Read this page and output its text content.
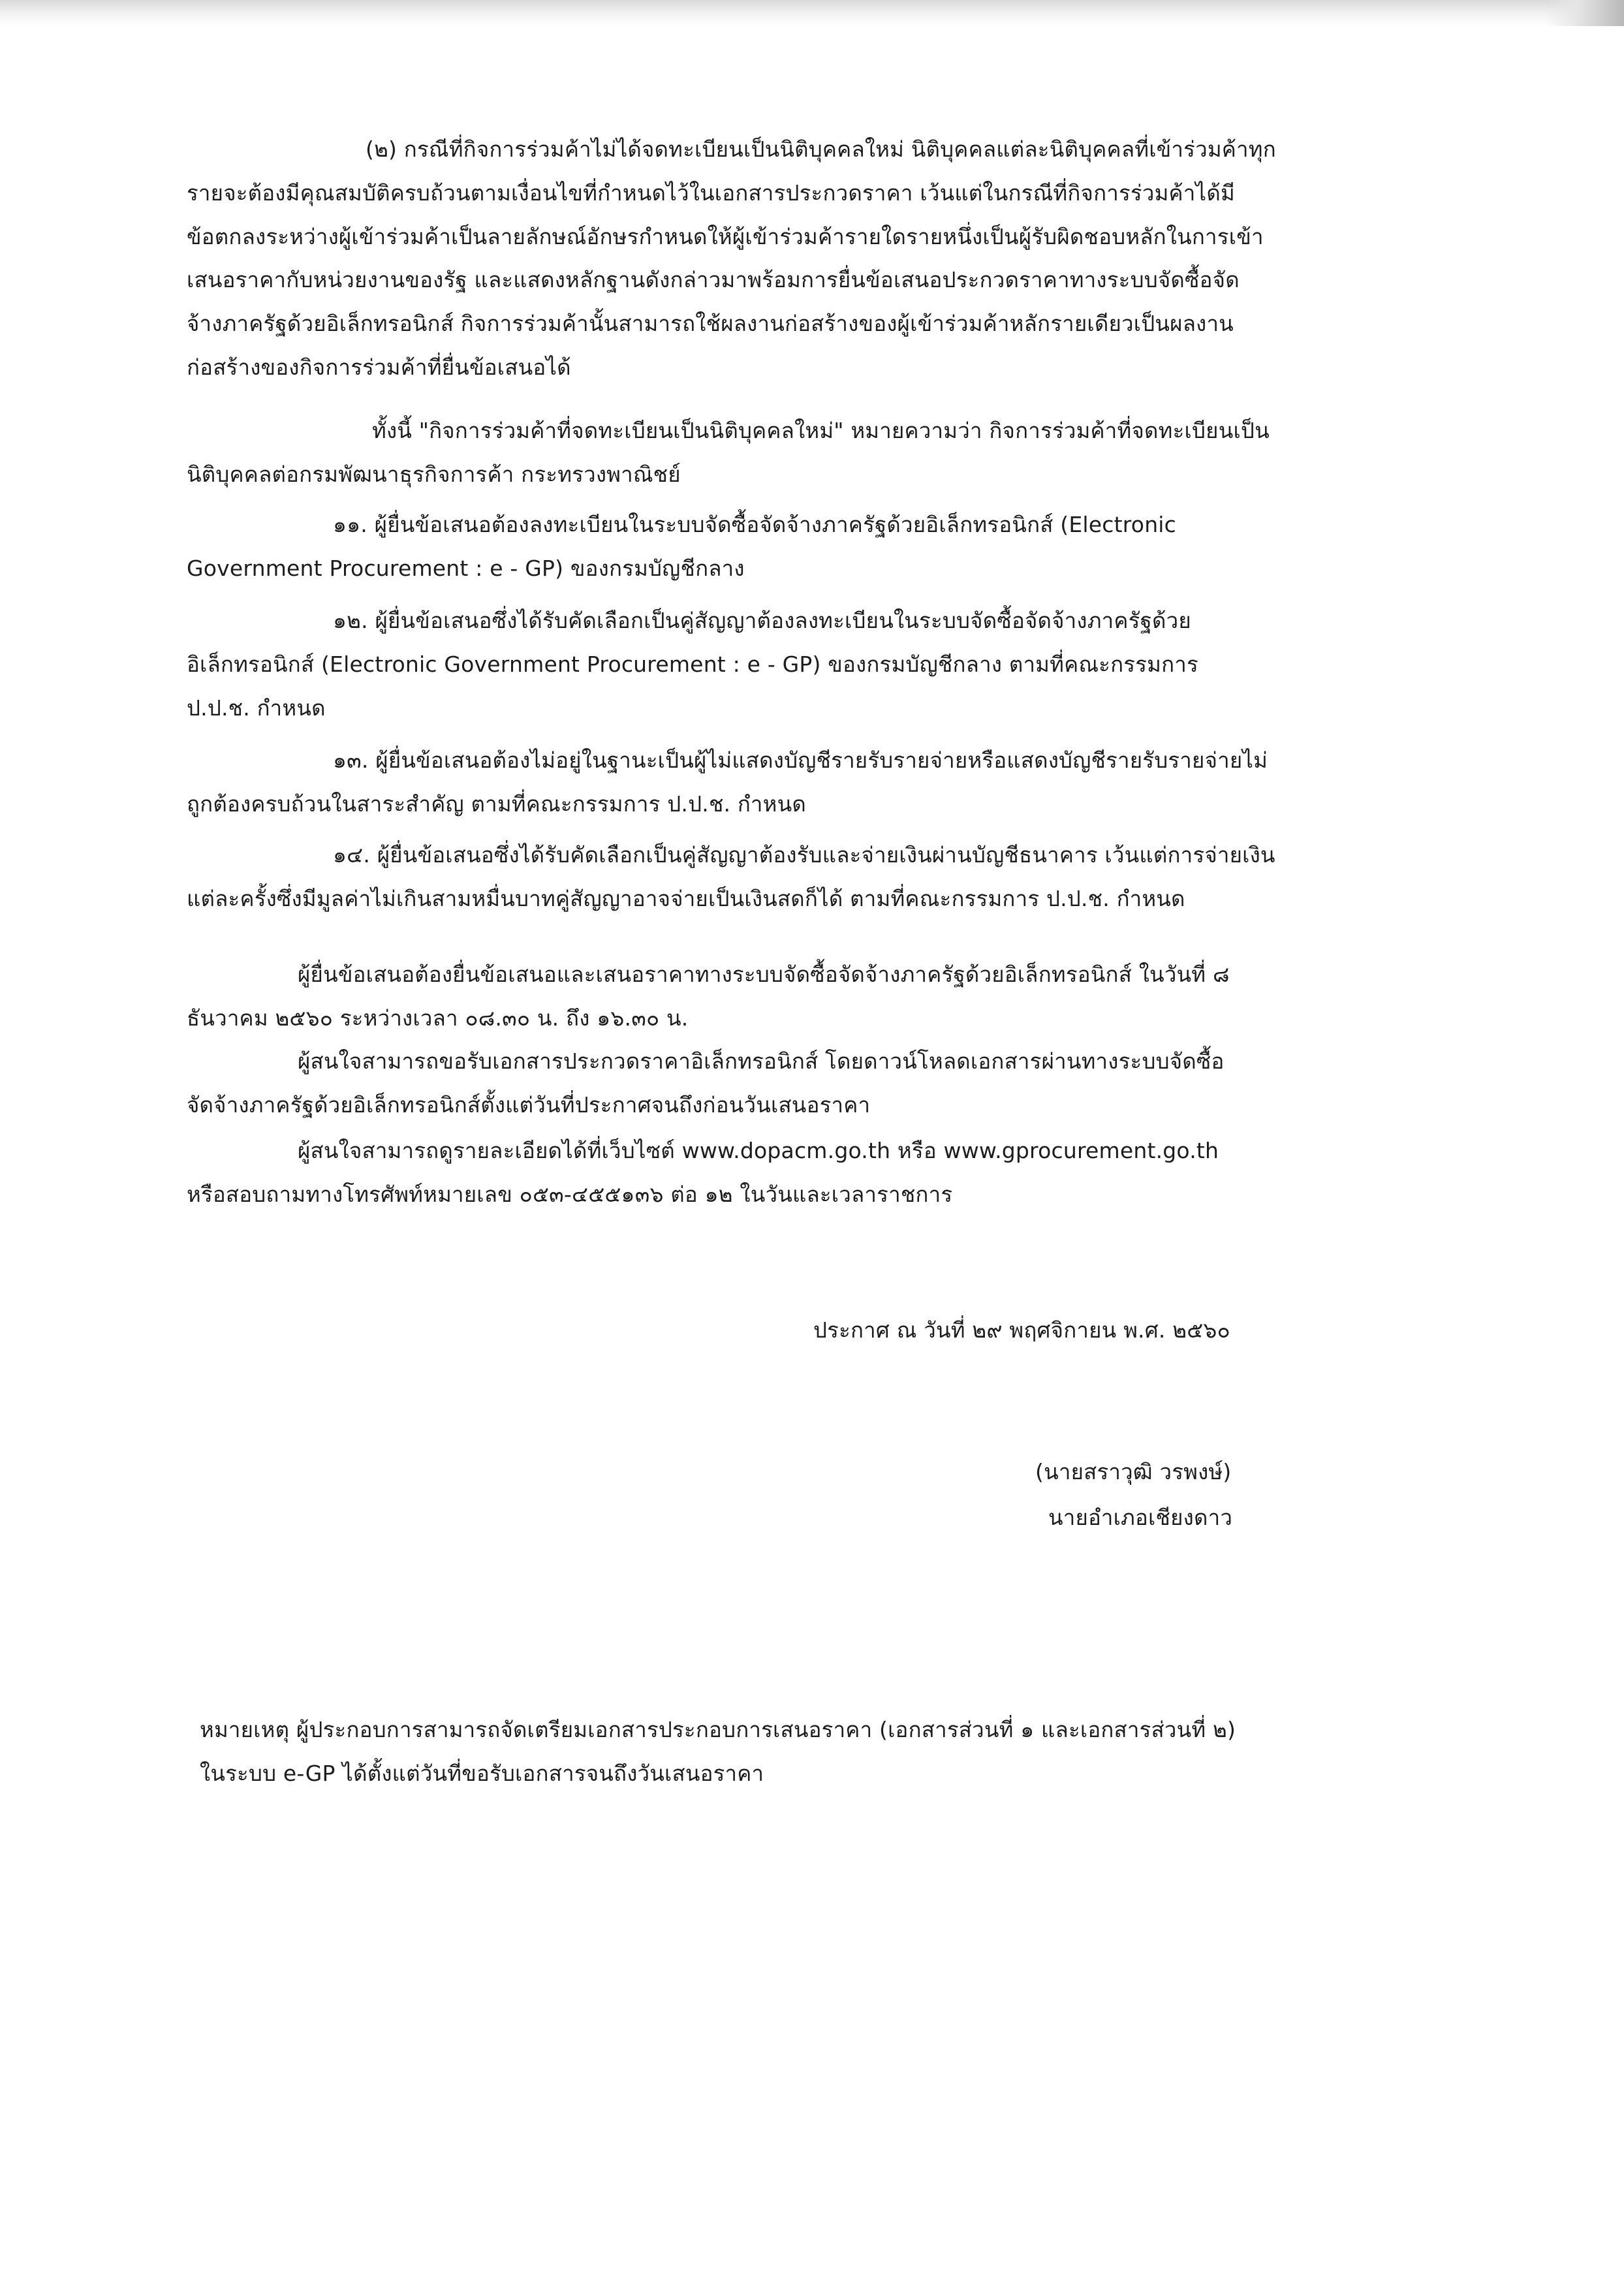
(๒) กรณีที่กิจการร่วมค้าไม่ได้จดทะเบียนเป็นนิติบุคคลใหม่ นิติบุคคลแต่ละนิติบุคคลที่เข้าร่วมค้าทุก
รายจะต้องมีคุณสมบัติครบถ้วนตามเงื่อนไขที่กำหนดไว้ในเอกสารประกวดราคา เว้นแต่ในกรณีที่กิจการร่วมค้าได้มี
ข้อตกลงระหว่างผู้เข้าร่วมค้าเป็นลายลักษณ์อักษรกำหนดให้ผู้เข้าร่วมค้ารายใดรายหนึ่งเป็นผู้รับผิดชอบหลักในการเข้า
เสนอราคากับหน่วยงานของรัฐ และแสดงหลักฐานดังกล่าวมาพร้อมการยื่นข้อเสนอประกวดราคาทางระบบจัดซื้อจัด
จ้างภาครัฐด้วยอิเล็กทรอนิกส์ กิจการร่วมค้านั้นสามารถใช้ผลงานก่อสร้างของผู้เข้าร่วมค้าหลักรายเดียวเป็นผลงาน
ก่อสร้างของกิจการร่วมค้าที่ยื่นข้อเสนอได้
ทั้งนี้ "กิจการร่วมค้าที่จดทะเบียนเป็นนิติบุคคลใหม่" หมายความว่า กิจการร่วมค้าที่จดทะเบียนเป็น
นิติบุคคลต่อกรมพัฒนาธุรกิจการค้า กระทรวงพาณิชย์
๑๑. ผู้ยื่นข้อเสนอต้องลงทะเบียนในระบบจัดซื้อจัดจ้างภาครัฐด้วยอิเล็กทรอนิกส์ (Electronic
Government Procurement : e - GP) ของกรมบัญชีกลาง
๑๒. ผู้ยื่นข้อเสนอซึ่งได้รับคัดเลือกเป็นคู่สัญญาต้องลงทะเบียนในระบบจัดซื้อจัดจ้างภาครัฐด้วย
อิเล็กทรอนิกส์ (Electronic Government Procurement : e - GP) ของกรมบัญชีกลาง ตามที่คณะกรรมการ
ป.ป.ช. กำหนด
๑๓. ผู้ยื่นข้อเสนอต้องไม่อยู่ในฐานะเป็นผู้ไม่แสดงบัญชีรายรับรายจ่ายหรือแสดงบัญชีรายรับรายจ่ายไม่
ถูกต้องครบถ้วนในสาระสำคัญ ตามที่คณะกรรมการ ป.ป.ช. กำหนด
๑๔. ผู้ยื่นข้อเสนอซึ่งได้รับคัดเลือกเป็นคู่สัญญาต้องรับและจ่ายเงินผ่านบัญชีธนาคาร เว้นแต่การจ่ายเงิน
แต่ละครั้งซึ่งมีมูลค่าไม่เกินสามหมื่นบาทคู่สัญญาอาจจ่ายเป็นเงินสดก็ได้ ตามที่คณะกรรมการ ป.ป.ช. กำหนด
ผู้ยื่นข้อเสนอต้องยื่นข้อเสนอและเสนอราคาทางระบบจัดซื้อจัดจ้างภาครัฐด้วยอิเล็กทรอนิกส์ ในวันที่ ๘
ธันวาคม ๒๕๖๐ ระหว่างเวลา ๐๘.๓๐ น. ถึง ๑๖.๓๐ น.
ผู้สนใจสามารถขอรับเอกสารประกวดราคาอิเล็กทรอนิกส์ โดยดาวน์โหลดเอกสารผ่านทางระบบจัดซื้อ
จัดจ้างภาครัฐด้วยอิเล็กทรอนิกส์ตั้งแต่วันที่ประกาศจนถึงก่อนวันเสนอราคา
ผู้สนใจสามารถดูรายละเอียดได้ที่เว็บไซต์ www.dopacm.go.th หรือ www.gprocurement.go.th
หรือสอบถามทางโทรศัพท์หมายเลข ๐๕๓-๔๕๕๑๓๖ ต่อ ๑๒ ในวันและเวลาราชการ
ประกาศ ณ วันที่ ๒๙ พฤศจิกายน พ.ศ. ๒๕๖๐
(นายสราวุฒิ วรพงษ์)
นายอำเภอเชียงดาว
หมายเหตุ ผู้ประกอบการสามารถจัดเตรียมเอกสารประกอบการเสนอราคา (เอกสารส่วนที่ ๑ และเอกสารส่วนที่ ๒)
ในระบบ e-GP ได้ตั้งแต่วันที่ขอรับเอกสารจนถึงวันเสนอราคา
